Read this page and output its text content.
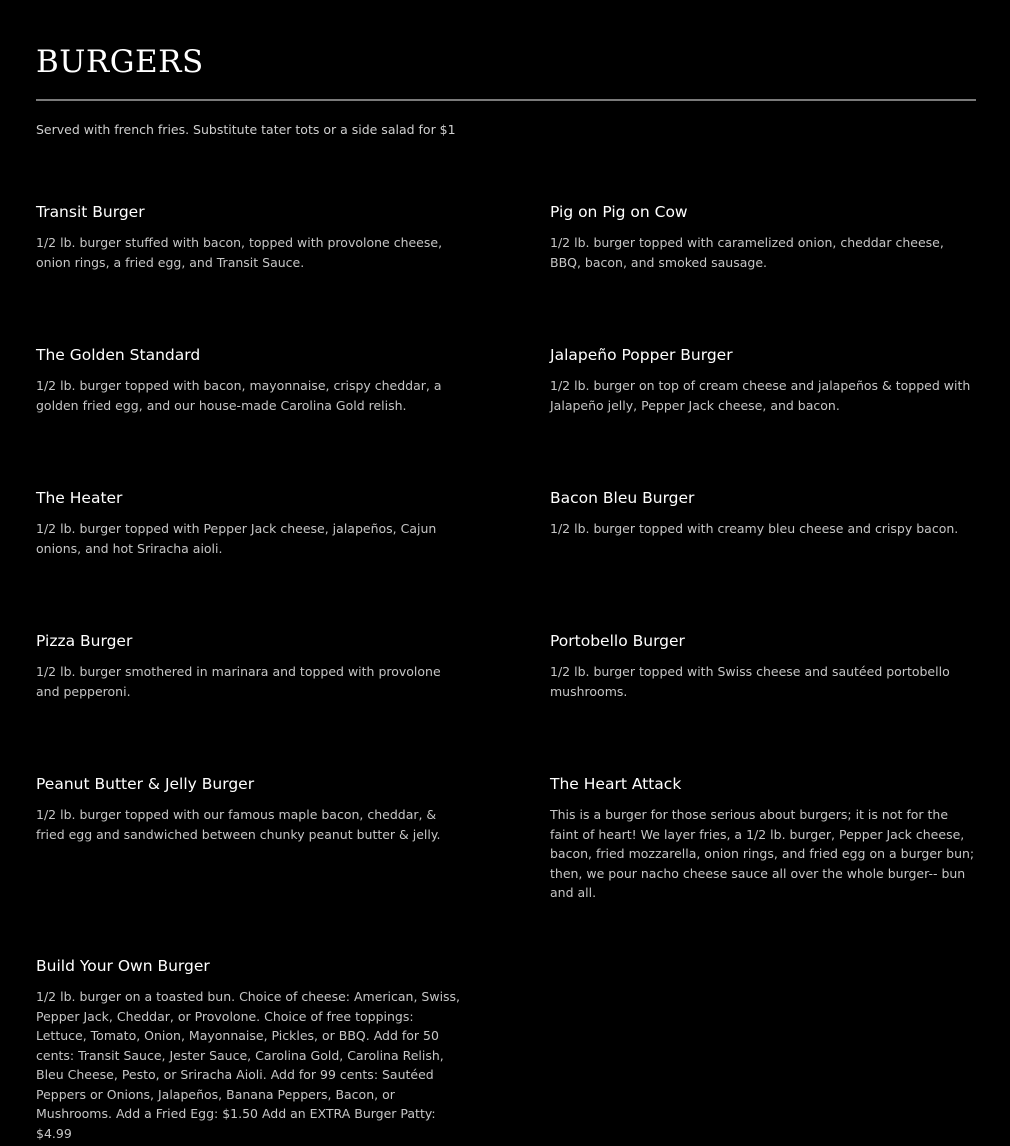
BURGERS

Served with french fries. Substitute tater tots or a side salad for $1

Transit Burger

1/2 lb. burger stuffed with bacon, topped with provolone cheese, onion rings, a fried egg, and Transit Sauce.

Pig on Pig on Cow

1/2 lb. burger topped with caramelized onion, cheddar cheese, BBQ, bacon, and smoked sausage.

The Golden Standard

1/2 lb. burger topped with bacon, mayonnaise, crispy cheddar, a golden fried egg, and our house-made Carolina Gold relish.

Jalapeño Popper Burger

1/2 lb. burger on top of cream cheese and jalapeños & topped with Jalapeño jelly, Pepper Jack cheese, and bacon.

The Heater

1/2 lb. burger topped with Pepper Jack cheese, jalapeños, Cajun onions, and hot Sriracha aioli.

Bacon Bleu Burger

1/2 lb. burger topped with creamy bleu cheese and crispy bacon.

Pizza Burger

1/2 lb. burger smothered in marinara and topped with provolone and pepperoni.

Portobello Burger

1/2 lb. burger topped with Swiss cheese and sautéed portobello mushrooms.

Peanut Butter & Jelly Burger

1/2 lb. burger topped with our famous maple bacon, cheddar, & fried egg and sandwiched between chunky peanut butter & jelly.

The Heart Attack

This is a burger for those serious about burgers; it is not for the faint of heart! We layer fries, a 1/2 lb. burger, Pepper Jack cheese, bacon, fried mozzarella, onion rings, and fried egg on a burger bun; then, we pour nacho cheese sauce all over the whole burger-- bun and all.

Build Your Own Burger

1/2 lb. burger on a toasted bun. Choice of cheese: American, Swiss, Pepper Jack, Cheddar, or Provolone. Choice of free toppings: Lettuce, Tomato, Onion, Mayonnaise, Pickles, or BBQ. Add for 50 cents: Transit Sauce, Jester Sauce, Carolina Gold, Carolina Relish, Bleu Cheese, Pesto, or Sriracha Aioli. Add for 99 cents: Sautéed Peppers or Onions, Jalapeños, Banana Peppers, Bacon, or Mushrooms. Add a Fried Egg: $1.50 Add an EXTRA Burger Patty: $4.99
